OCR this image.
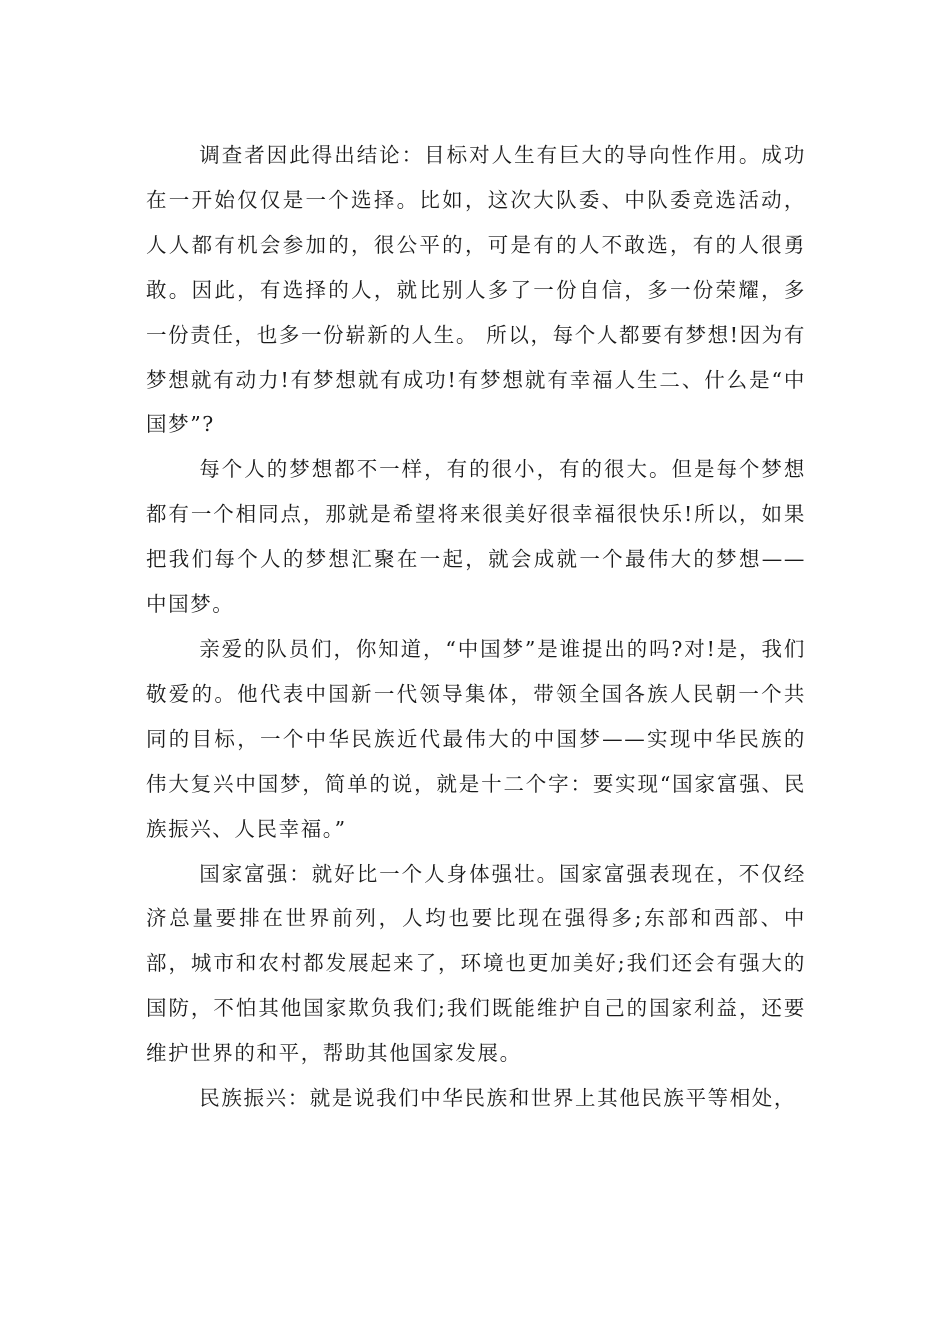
调查者因此得出结论：目标对人生有巨大的导向性作用。成功在一开始仅仅是一个选择。比如，这次大队委、中队委竞选活动，人人都有机会参加的，很公平的，可是有的人不敢选，有的人很勇敢。因此，有选择的人，就比别人多了一份自信，多一份荣耀，多一份责任，也多一份崭新的人生。 所以，每个人都要有梦想!因为有梦想就有动力!有梦想就有成功!有梦想就有幸福人生二、什么是“中国梦”?

每个人的梦想都不一样，有的很小，有的很大。但是每个梦想都有一个相同点，那就是希望将来很美好很幸福很快乐!所以，如果把我们每个人的梦想汇聚在一起，就会成就一个最伟大的梦想——中国梦。

亲爱的队员们，你知道，“中国梦”是谁提出的吗?对!是，我们敬爱的。他代表中国新一代领导集体，带领全国各族人民朝一个共同的目标，一个中华民族近代最伟大的中国梦——实现中华民族的伟大复兴中国梦，简单的说，就是十二个字：要实现“国家富强、民族振兴、人民幸福。”

国家富强：就好比一个人身体强壮。国家富强表现在，不仅经济总量要排在世界前列，人均也要比现在强得多;东部和西部、中部，城市和农村都发展起来了，环境也更加美好;我们还会有强大的国防，不怕其他国家欺负我们;我们既能维护自己的国家利益，还要维护世界的和平，帮助其他国家发展。

民族振兴：就是说我们中华民族和世界上其他民族平等相处，
